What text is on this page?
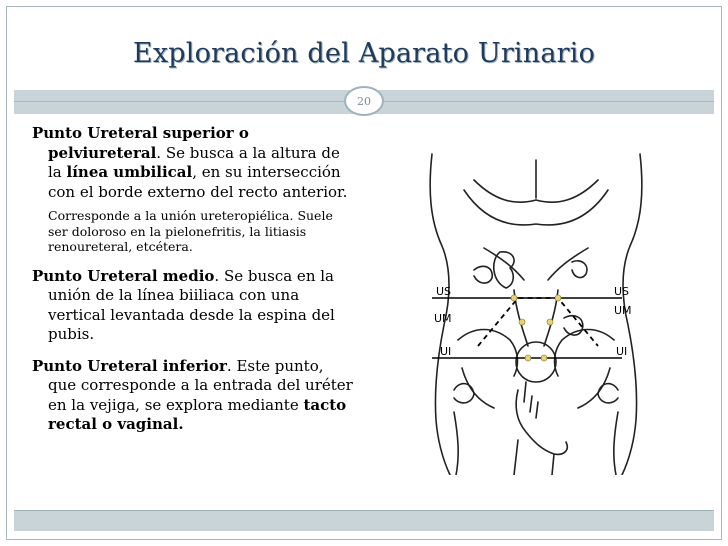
Exploración del Aparato Urinario
20
Punto Ureteral superior o pelviureteral. Se busca a la altura de la línea umbilical, en su intersección con el borde externo del recto anterior.
Corresponde a la unión ureteropiélica. Suele ser doloroso en la pielonefritis, la litiasis renoureteral, etcétera.
Punto Ureteral medio. Se busca en la unión de la línea biiliaca con una vertical levantada desde la espina del pubis.
Punto Ureteral inferior. Este punto, que corresponde a la entrada del uréter en la vejiga, se explora mediante tacto rectal o vaginal.
US
UM
UI
US
UM
UI
